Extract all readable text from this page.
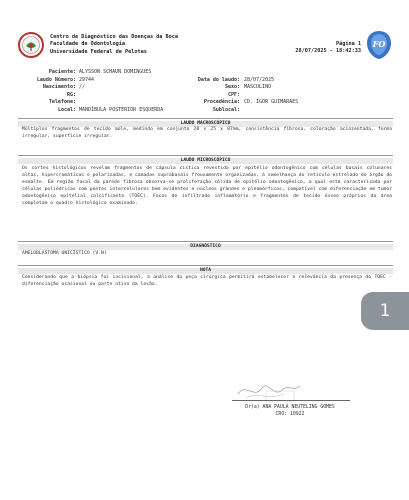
Centro de Diagnóstico das Doenças da Boca
Faculdade de Odontologia
Universidade Federal de Pelotas
Página 1
28/07/2025 - 18:42:33
FO
Paciente: ALYSSON SCHAUN DOMINGUES
Laudo Número: 29744	Data do laudo: 28/07/2025
Nascimento: //	Sexo: MASCULINO
RG:	CPF:
Telefone:	Procedência: CD. IGOR GUIMARAES
Local: MANDÍBULA POSTERIOR ESQUERDA	Sublocal:
LAUDO MACROSCÓPICO
Múltiplos fragmentos de tecido mole, medindo em conjunto 20 x 25 x 07mm, consistência fibrosa, coloração acinzentada, forma irregular, superfície irregular.
LAUDO MICROSCÓPICO
Os cortes histológicos revelam fragmentos de cápsula cística revestida por epitélio odontogênico com células basais colunares altas, hipercromáticas e polarizadas, e camadas suprabasais frouxamente organizadas, à semelhança do retículo estrelado do órgão do esmalte. Em região focal da parede fibrosa observa-se proliferação sólida de epitélio odontogênico, a qual está caracterizada por células poliédricas com pontes intercelulares bem evidentes e núcleos grandes e pleomórficos, compatível com diferenciação em tumor odontogênico epitelial calcificante (TOEC). Focos de infiltrado inflamatório e fragmentos de tecido ósseo próprios da área completam o quadro histológico examinado.
DIAGNÓSTICO
AMELOBLASTOMA UNICÍSTICO (V.N)
NOTA
Considerando que a biópsia foi incisional, a análise da peça cirúrgica permitirá estabelecer a relevância da presença do TOEC - diferenciação ocasional ou parte ativa da lesão.
Dr(a) ANA PAULA NEUTELING GOMES
CRO: 10922
1
